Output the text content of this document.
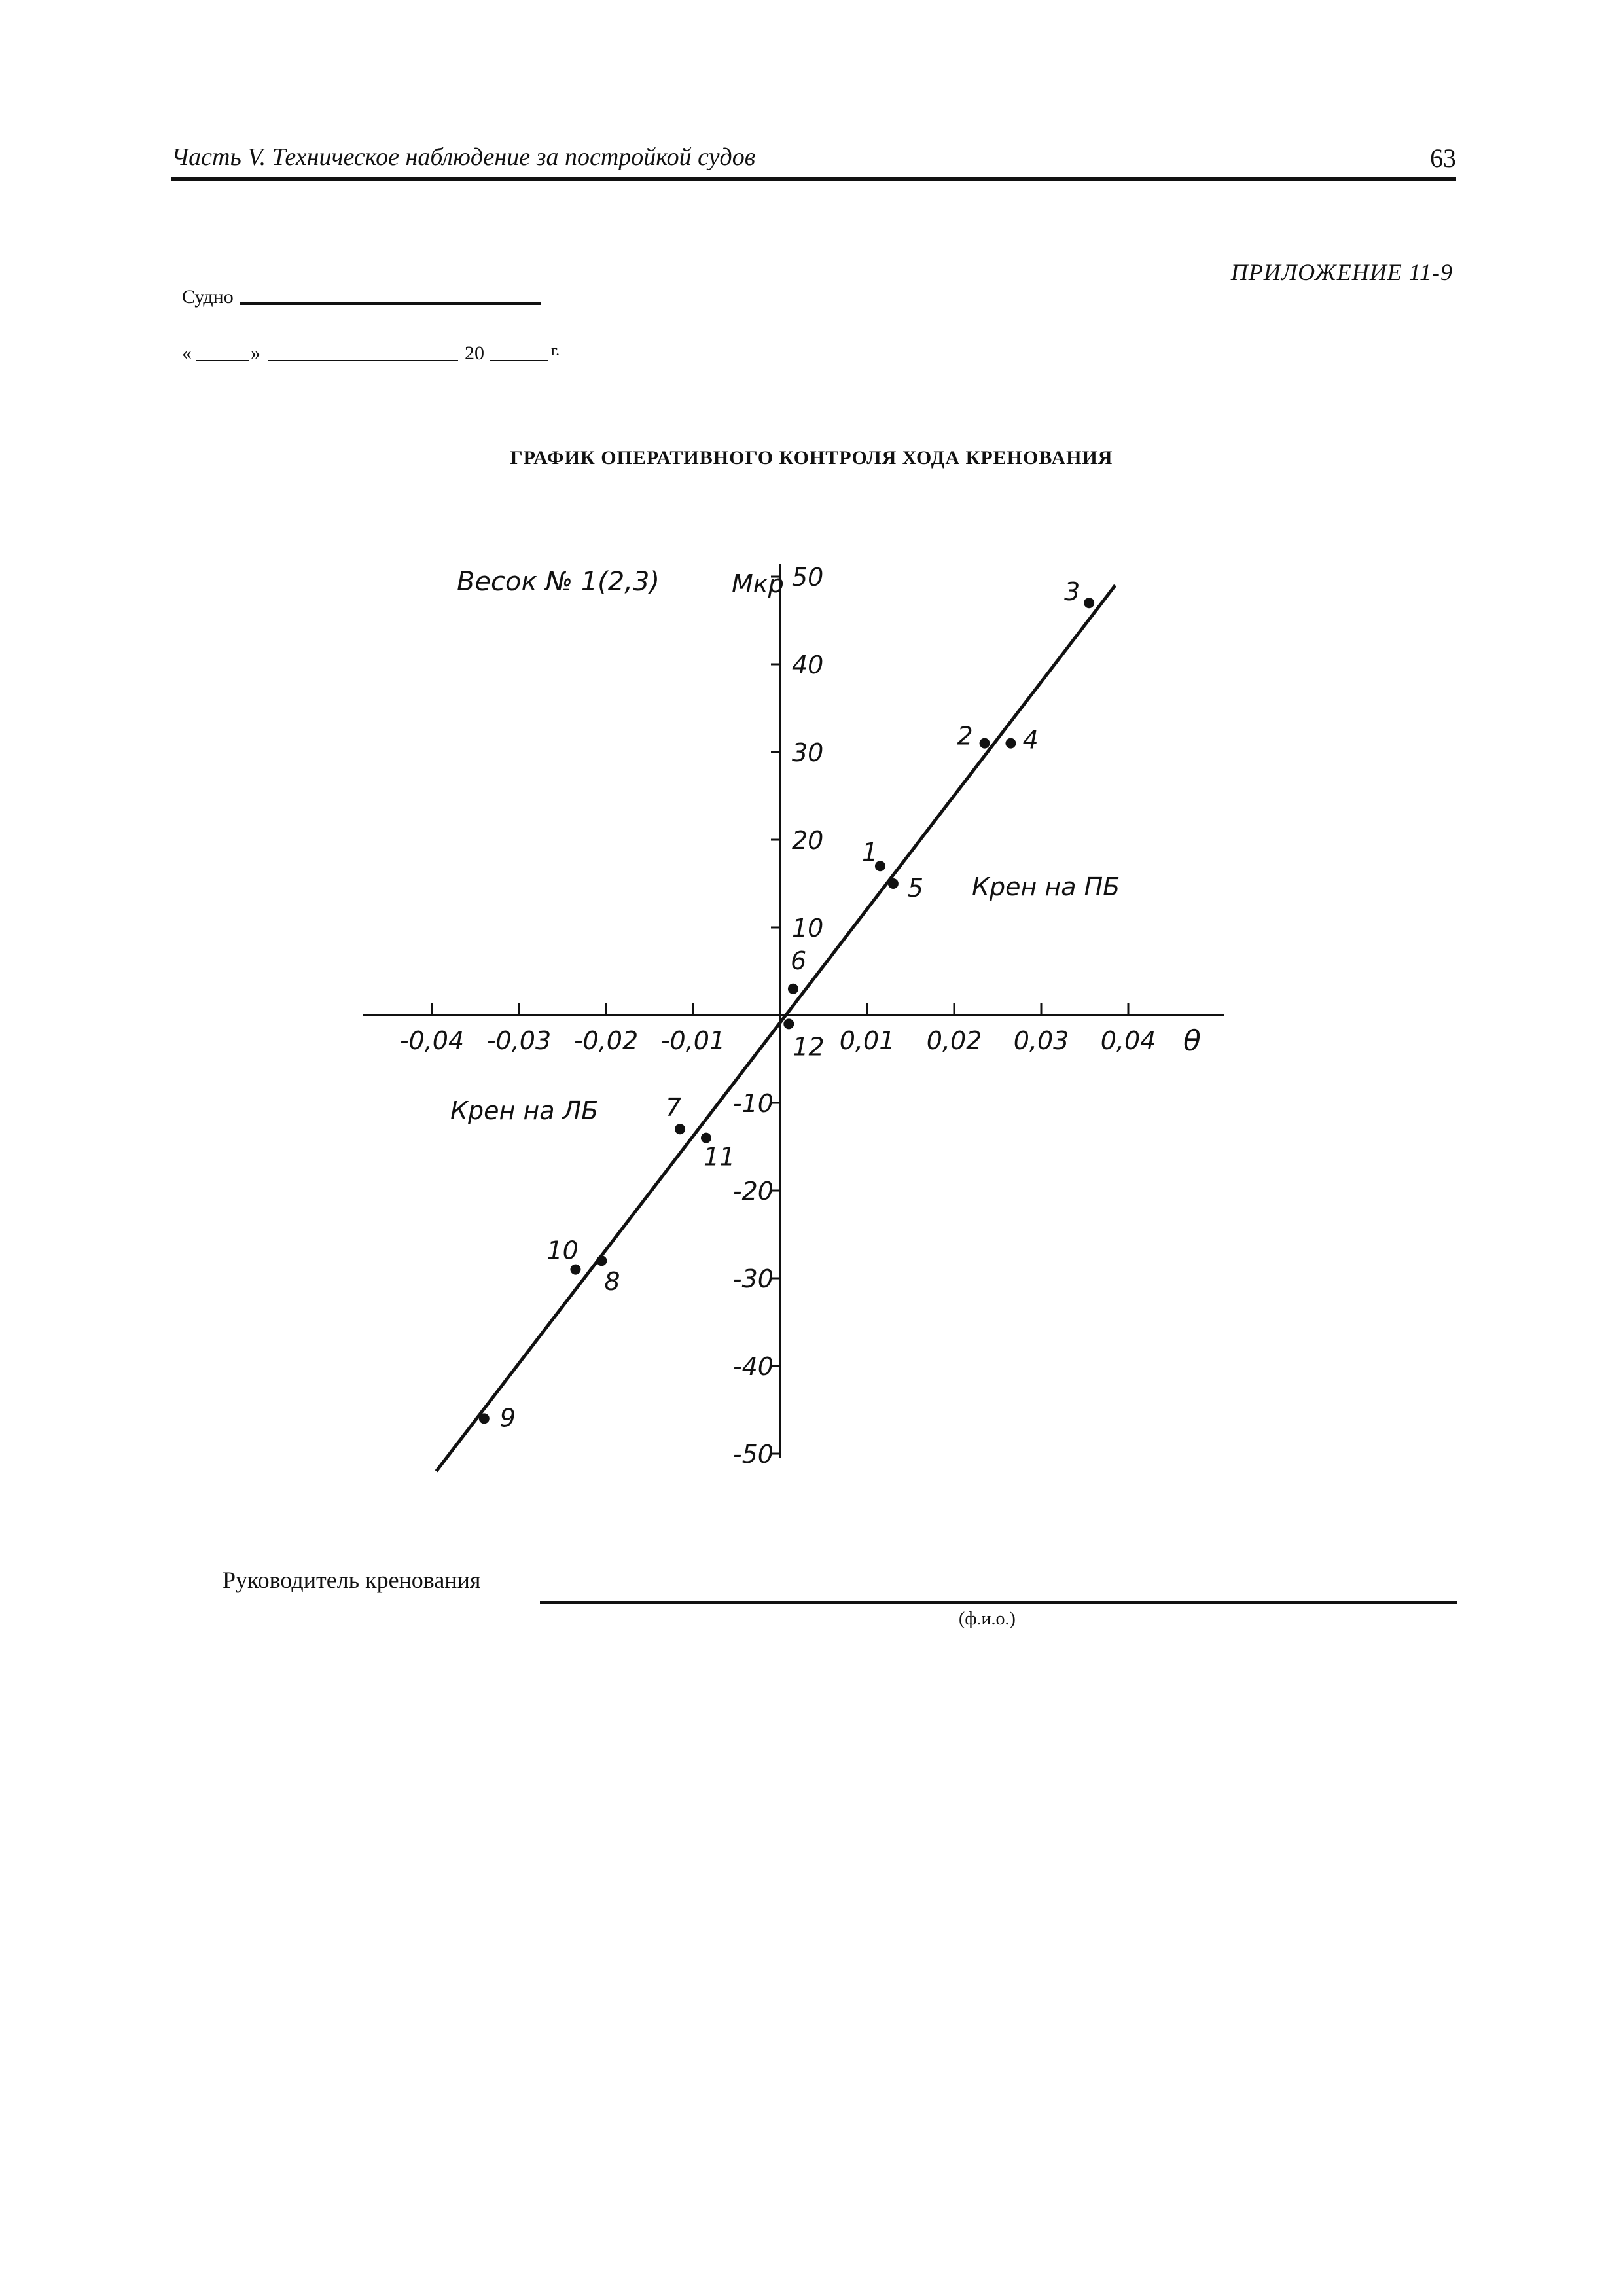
Часть V. Техническое наблюдение за постройкой судов	63
ПРИЛОЖЕНИЕ 11-9
Судно
«	»	20	г.
ГРАФИК ОПЕРАТИВНОГО КОНТРОЛЯ ХОДА КРЕНОВАНИЯ
-0,04 -0,03 -0,02 -0,01	0,01 0,02 0,03 0,04
50
40
30
20
10
-10
-20
-30
-40
-50
1
2
3
4
5
6
7
8
9
10
11
12
Весок № 1(2,3)	Mкр
θ
Крен на ПБ
Крен на ЛБ
Руководитель кренования
(ф.и.о.)
